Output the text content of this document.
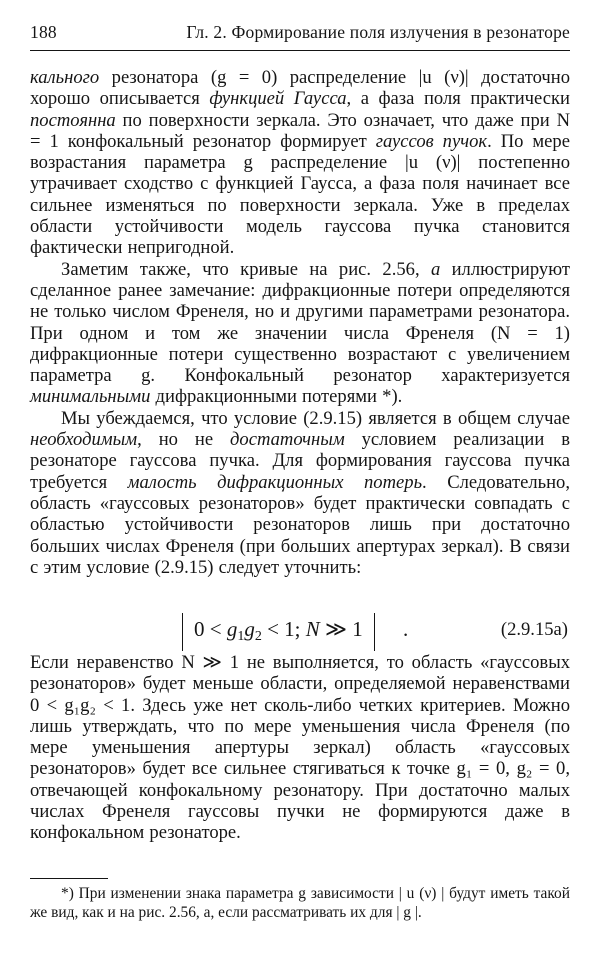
188	Гл. 2. Формирование поля излучения в резонаторе

кального резонатора (g = 0) распределение |u (ν)| достаточно хорошо описывается функцией Гаусса, а фаза поля практически постоянна по поверхности зеркала. Это означает, что даже при N = 1 конфокальный резонатор формирует гауссов пучок. По мере возрастания параметра g распределение |u (ν)| постепенно утрачивает сходство с функцией Гаусса, а фаза поля начинает все сильнее изменяться по поверхности зеркала. Уже в пределах области устойчивости модель гауссова пучка становится фактически непригодной.

Заметим также, что кривые на рис. 2.56, а иллюстрируют сделанное ранее замечание: дифракционные потери определяются не только числом Френеля, но и другими параметрами резонатора. При одном и том же значении числа Френеля (N = 1) дифракционные потери существенно возрастают с увеличением параметра g. Конфокальный резонатор характеризуется минимальными дифракционными потерями *).

Мы убеждаемся, что условие (2.9.15) является в общем случае необходимым, но не достаточным условием реализации в резонаторе гауссова пучка. Для формирования гауссова пучка требуется малость дифракционных потерь. Следовательно, область «гауссовых резонаторов» будет практически совпадать с областью устойчивости резонаторов лишь при достаточно больших числах Френеля (при больших апертурах зеркал). В связи с этим условие (2.9.15) следует уточнить:

$0 < g_1g_2 < 1$; N ≫ 1	.	(2.9.15а)

Если неравенство N ≫ 1 не выполняется, то область «гауссовых резонаторов» будет меньше области, определяемой неравенствами 0 < g₁g₂ < 1. Здесь уже нет сколь-либо четких критериев. Можно лишь утверждать, что по мере уменьшения числа Френеля (по мере уменьшения апертуры зеркал) область «гауссовых резонаторов» будет все сильнее стягиваться к точке g₁ = 0, g₂ = 0, отвечающей конфокальному резонатору. При достаточно малых числах Френеля гауссовы пучки не формируются даже в конфокальном резонаторе.

*) При изменении знака параметра g зависимости | u (ν) | будут иметь такой же вид, как и на рис. 2.56, а, если рассматривать их для | g |.
